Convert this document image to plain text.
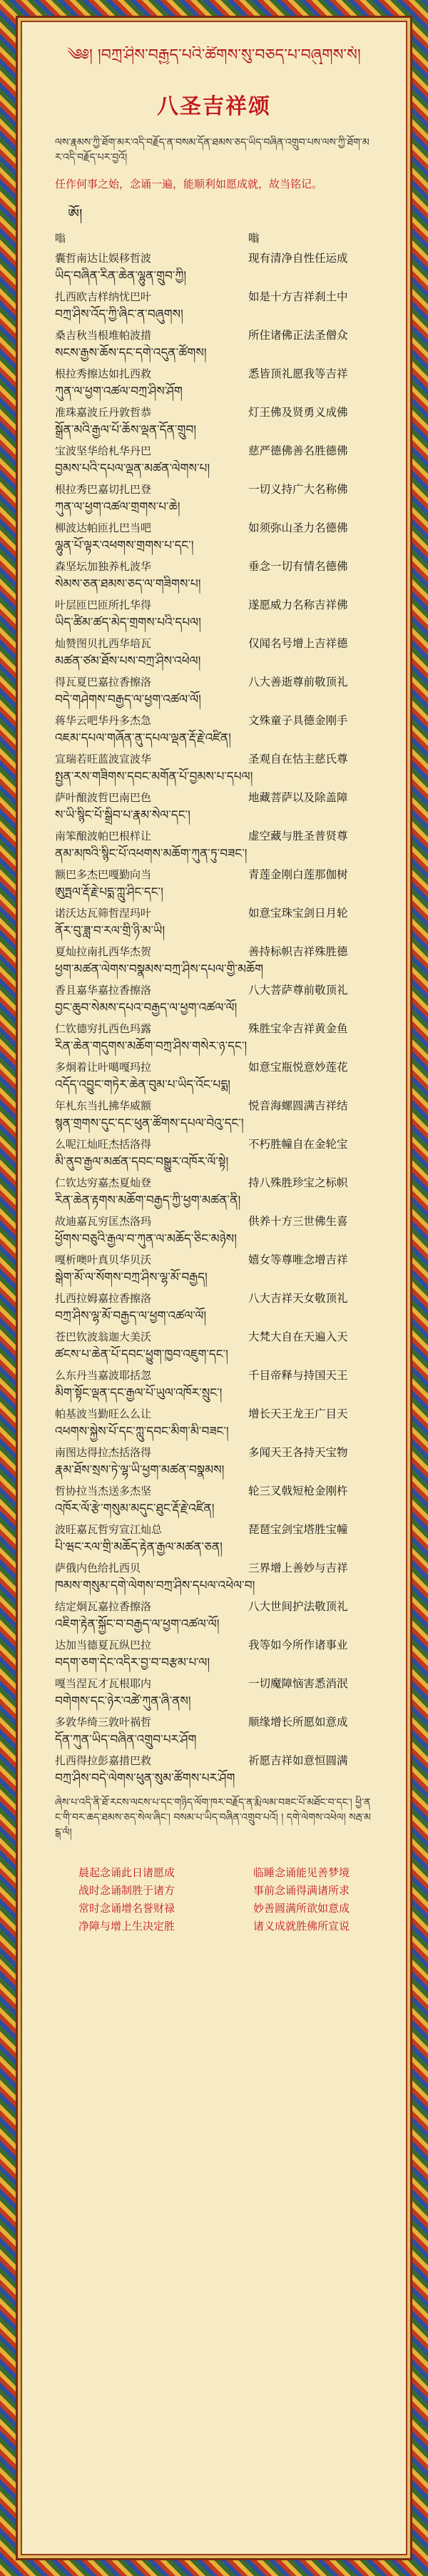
༄༅། །བཀྲ་ཤིས་བརྒྱད་པའི་ཚིགས་སུ་བཅད་པ་བཞུགས་སོ།
八圣吉祥颂
ལས་རྣམས་ཀྱི་ཐོག་མར་འདི་བརྗོད་ན་བསམ་དོན་ཐམས་ཅད་ཡིད་བཞིན་འགྲུབ་པས་ལས་ཀྱི་ཐོག་མར་འདི་བརྗོད་པར་བྱའོ།
任作何事之始，念诵一遍，能顺利如愿成就，故当铭记。
ཨོཾ།
嗡	嗡
囊哲南达让娱移哲波	现有清净自性任运成
ཡིད་བཞིན་རིན་ཆེན་ལྷུན་གྲུབ་ཀྱི།
扎西欧吉样纳忧巴叶	如是十方吉祥刹土中
བཀྲ་ཤིས་འོད་ཀྱི་ཞིང་ན་བཞུགས།
桑吉秋当根堆帕波措	所住诸佛正法圣僧众
སངས་རྒྱས་ཆོས་དང་དགེ་འདུན་ཚོགས།
根拉秀擦达如扎西救	悉皆顶礼愿我等吉祥
ཀུན་ལ་ཕྱག་འཚལ་བཀྲ་ཤིས་ཤོག
准珠嘉波丘丹敦哲恭	灯王佛及贤勇义成佛
སྒྲོན་མའི་རྒྱལ་པོ་ཆོས་ལྡན་དོན་གྲུབ།
宝波坚华给札华丹巴	慈严德佛善名胜德佛
བྱམས་པའི་དཔལ་ལྡན་མཚན་ལེགས་པ།
根拉秀巴嘉切扎巴登	一切义持广大名称佛
ཀུན་ལ་ཕྱག་འཚལ་གྲགས་པ་ཆེ།
柳波达帕匝扎巴当吧	如须弥山圣力名德佛
ལྷུན་པོ་ལྟར་འཕགས་གྲགས་པ་དང་།
森坚坛加独养札波华	垂念一切有情名德佛
སེམས་ཅན་ཐམས་ཅད་ལ་གཟིགས་པ།
叶层匝巴匝所扎华得	遂愿威力名称吉祥佛
ཡིད་ཚིམ་ཚད་མེད་གྲགས་པའི་དཔལ།
灿赞图贝扎西华培瓦	仅闻名号增上吉祥德
མཚན་ཙམ་ཐོས་པས་བཀྲ་ཤིས་འཕེལ།
得瓦夏巴嘉拉香擦洛	八大善逝尊前敬顶礼
བདེ་གཤེགས་བརྒྱད་ལ་ཕྱག་འཚལ་ལོ།
蒋华云吧华丹多杰急	文殊童子具德金刚手
འཇམ་དཔལ་གཞོན་ནུ་དཔལ་ལྡན་རྡོ་རྗེ་འཛིན།
宣瑞若旺蓝波宣波华	圣观自在怙主慈氏尊
སྤྱན་རས་གཟིགས་དབང་མགོན་པོ་བྱམས་པ་དཔལ།
萨叶酿波哲巴南巴色	地藏菩萨以及除盖障
ས་ཡི་སྙིང་པོ་སྒྲིབ་པ་རྣམ་སེལ་དང་།
南笨酿波帕巴根样让	虚空藏与胜圣普贤尊
ནམ་མཁའི་སྙིང་པོ་འཕགས་མཆོག་ཀུན་ཏུ་བཟང་།
额巴多杰巴嘎勤向当	青莲金刚白莲那伽树
ཨུཏྤལ་རྡོ་རྗེ་པདྨ་ཀླུ་ཤིང་དང་།
诺沃达瓦筛哲涅玛叶	如意宝珠宝剑日月轮
ནོར་བུ་ཟླ་བ་རལ་གྲི་ཉི་མ་ཡི།
夏灿拉南扎西华杰贺	善持标帜吉祥殊胜德
ཕྱག་མཚན་ལེགས་བསྣམས་བཀྲ་ཤིས་དཔལ་གྱི་མཆོག
香且嘉华嘉拉香擦洛	八大菩萨尊前敬顶礼
བྱང་ཆུབ་སེམས་དཔའ་བརྒྱད་ལ་ཕྱག་འཚལ་ལོ།
仁钦德穷扎西色玛露	殊胜宝伞吉祥黄金鱼
རིན་ཆེན་གདུགས་མཆོག་བཀྲ་ཤིས་གསེར་ཉ་དང་།
多炯着让叶噶嘎玛拉	如意宝瓶悦意妙莲花
འདོད་འབྱུང་གཏེར་ཆེན་བུམ་པ་ཡིད་འོང་པདྨ།
年札东当扎拂华威额	悦音海螺圆满吉祥结
སྙན་གྲགས་དུང་དང་ཕུན་ཚོགས་དཔལ་བེའུ་དང་།
么呢江灿旺杰括洛得	不朽胜幢自在金轮宝
མི་ནུབ་རྒྱལ་མཚན་དབང་བསྒྱུར་འཁོར་ལོ་སྟེ།
仁钦达穷嘉杰夏灿登	持八殊胜珍宝之标帜
རིན་ཆེན་རྟགས་མཆོག་བརྒྱད་ཀྱི་ཕྱག་མཚན་ནི།
故迪嘉瓦穷匡杰洛玛	供养十方三世佛生喜
ཕྱོགས་བཅུའི་རྒྱལ་བ་ཀུན་ལ་མཆོད་ཅིང་མཉེས།
嘎析噢叶真贝华贝沃	嬉女等尊唯念增吉祥
སྒེག་མོ་ལ་སོགས་བཀྲ་ཤིས་ལྷ་མོ་བརྒྱད།
扎西拉姆嘉拉香擦洛	八大吉祥天女敬顶礼
བཀྲ་ཤིས་ལྷ་མོ་བརྒྱད་ལ་ཕྱག་འཚལ་ལོ།
苍巴钦波翁迦大美沃	大梵大自在天遍入天
ཚངས་པ་ཆེན་པོ་དབང་ཕྱུག་ཁྱབ་འཇུག་དང་།
么东丹当嘉波耶括忽	千目帝释与持国天王
མིག་སྟོང་ལྡན་དང་རྒྱལ་པོ་ཡུལ་འཁོར་སྲུང་།
帕基波当勤旺么么让	增长天王龙王广目天
འཕགས་སྐྱེས་པོ་དང་ཀླུ་དབང་མིག་མི་བཟང་།
南图达得拉杰括洛得	多闻天王各持天宝物
རྣམ་ཐོས་སྲས་ཏེ་ལྷ་ཡི་ཕྱག་མཚན་བསྣམས།
哲协拉当杰送多杰坚	轮三叉戟短枪金刚杵
འཁོར་ལོ་རྩེ་གསུམ་མདུང་ཐུང་རྡོ་རྗེ་འཛིན།
波旺嘉瓦哲穷宣江灿总	琵琶宝剑宝塔胜宝幢
པི་ཝང་རལ་གྲི་མཆོད་རྟེན་རྒྱལ་མཚན་ཅན།
萨俄内色给扎西贝	三界增上善妙与吉祥
ཁམས་གསུམ་དགེ་ལེགས་བཀྲ་ཤིས་དཔལ་འཕེལ་བ།
结定炯瓦嘉拉香擦洛	八大世间护法敬顶礼
འཇིག་རྟེན་སྐྱོང་བ་བརྒྱད་ལ་ཕྱག་འཚལ་ལོ།
达加当德夏瓦纵巴拉	我等如今所作诸事业
བདག་ཅག་དེང་འདིར་བྱ་བ་བརྩམ་པ་ལ།
嘎当涅瓦才瓦根耶内	一切魔障恼害悉消泯
བགེགས་དང་ཉེར་འཚེ་ཀུན་ཞི་ནས།
多敦华绮三敦叶祸哲	顺缘增长所愿如意成
དོན་ཀུན་ཡིད་བཞིན་འགྲུབ་པར་ཤོག
扎西得拉彭嘉措巴救	祈愿吉祥如意恒圆满
བཀྲ་ཤིས་བདེ་ལེགས་ཕུན་སུམ་ཚོགས་པར་ཤོག
ཞེས་པ་འདི་ནི་ཐོ་རངས་ལངས་པ་དང་གཉིད་ལོག་ཁར་བརྗོད་ན་རྨི་ལམ་བཟང་པོ་མཐོང་བ་དང་། ཕྱི་ནང་གི་བར་ཆད་ཐམས་ཅད་སེལ་ཞིང་། བསམ་པ་ཡིད་བཞིན་འགྲུབ་པའོ། ། དགེ་ལེགས་འཕེལ། སརྦ་མངྒ་ལཾ།
晨起念诵此日诸愿成	临睡念诵能见善梦境
战时念诵制胜于诸方	事前念诵得满诸所求
常时念诵增名誉财禄	妙善圆满所欲如意成
净障与增上生决定胜	诸义成就胜佛所宣说
